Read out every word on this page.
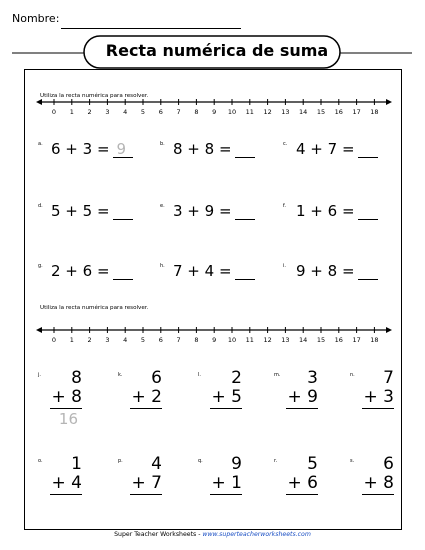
Nombre:
Recta numérica de suma
Utiliza la recta numérica para resolver.
0 1 2 3 4 5 6 7 8 9 10 11 12 13 14 15 16 17 18
a. 6 + 3 = 9	b. 8 + 8 =	c. 4 + 7 =
d. 5 + 5 =	e. 3 + 9 =	f. 1 + 6 =
g. 2 + 6 =	h. 7 + 4 =	i. 9 + 8 =
Utiliza la recta numérica para resolver.
0 1 2 3 4 5 6 7 8 9 10 11 12 13 14 15 16 17 18
j. 8
+ 8
16
k. 6
+ 2
l. 2
+ 5
m. 3
+ 9
n. 7
+ 3
o. 1
+ 4
p. 4
+ 7
q. 9
+ 1
r. 5
+ 6
s. 6
+ 8
Super Teacher Worksheets - www.superteacherworksheets.com
